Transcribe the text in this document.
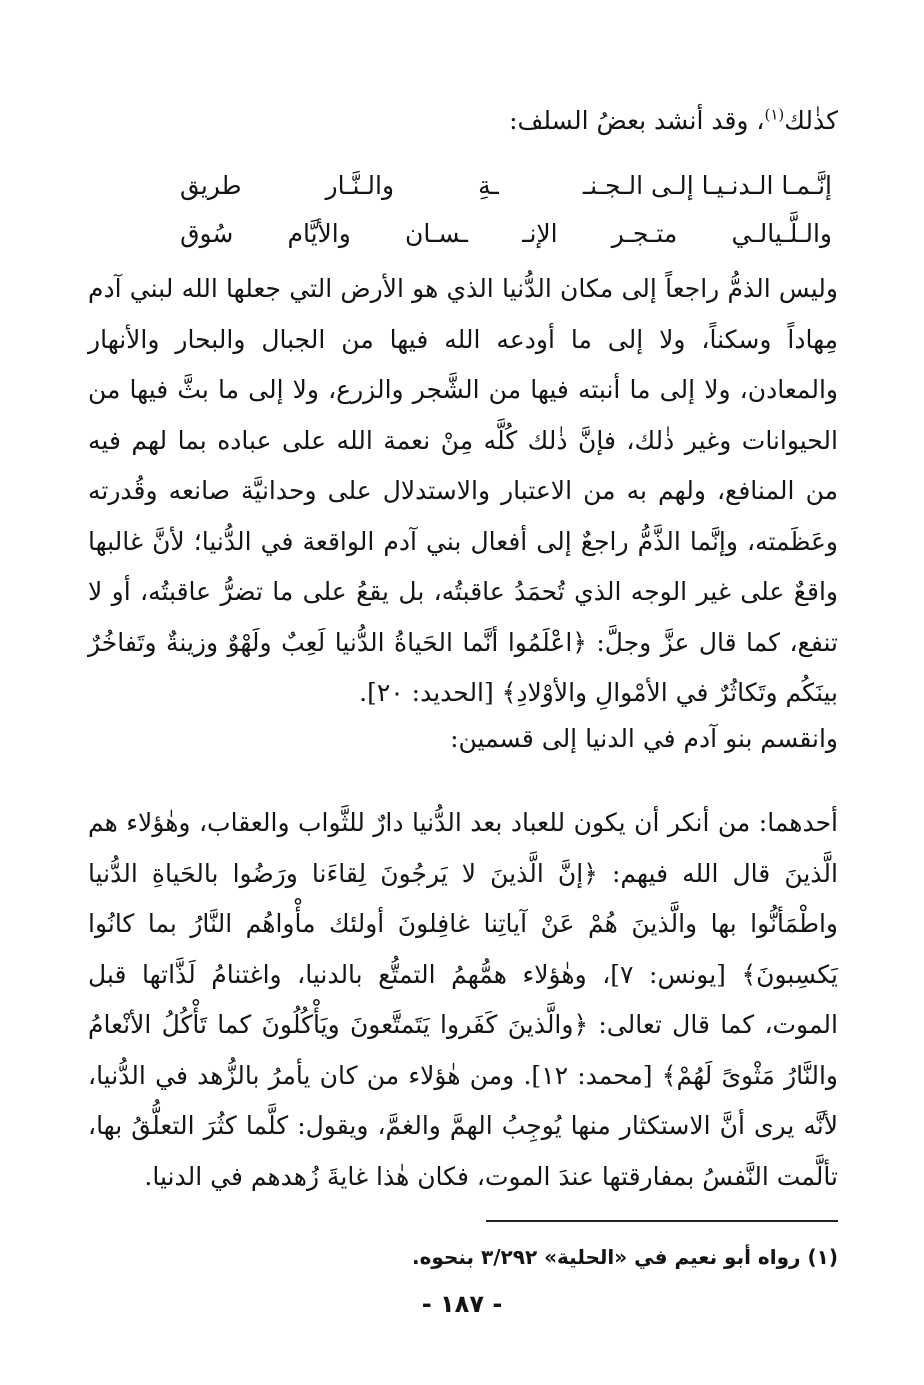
كذٰلك$^{(١)}$، وقد أنشد بعضُ السلف:
إنَّـمـا الـدنـيـا إلـى الـجـنـ
ـةِ
والـنَّـار
طريق
والـلَّـيالـي
متـجـر
الإنـ
ـسـان
والأيَّام
سُوق

وليس الذمُّ راجعاً إلى مكان الدُّنيا الذي هو الأرض التي جعلها الله لبني آدم مِهاداً وسكناً، ولا إلى ما أودعه الله فيها من الجبال والبحار والأنهار والمعادن، ولا إلى ما أنبته فيها من الشَّجر والزرع، ولا إلى ما بثَّ فيها من الحيوانات وغير ذٰلك، فإنَّ ذٰلك كُلَّه مِنْ نعمة الله على عباده بما لهم فيه من المنافع، ولهم به من الاعتبار والاستدلال على وحدانيَّة صانعه وقُدرته وعَظَمته، وإنَّما الذَّمُّ راجعٌ إلى أفعال بني آدم الواقعة في الدُّنيا؛ لأنَّ غالبها واقعٌ على غير الوجه الذي تُحمَدُ عاقبتُه، بل يقعُ على ما تضرُّ عاقبتُه، أو لا تنفع، كما قال عزَّ وجلَّ: ﴿اعْلَمُوا أنَّما الحَياةُ الدُّنيا لَعِبٌ ولَهْوٌ وزينةٌ وتَفاخُرٌ بينَكُم وتَكاثُرٌ في الأمْوالِ والأوْلادِ﴾ [الحديد: ٢٠].

وانقسم بنو آدم في الدنيا إلى قسمين:

أحدهما: من أنكر أن يكون للعباد بعد الدُّنيا دارٌ للثَّواب والعقاب، وهٰؤلاء هم الَّذينَ قال الله فيهم: ﴿إنَّ الَّذينَ لا يَرجُونَ لِقاءَنا ورَضُوا بالحَياةِ الدُّنيا واطْمَأنُّوا بها والَّذينَ هُمْ عَنْ آياتِنا غافِلونَ أولئك مأْواهُم النَّارُ بما كانُوا يَكسِبونَ﴾ [يونس: ٧]، وهٰؤلاء همُّهمُ التمتُّع بالدنيا، واغتنامُ لَذَّاتها قبل الموت، كما قال تعالى: ﴿والَّذينَ كَفَروا يَتَمتَّعونَ ويَأْكُلُونَ كما تَأْكُلُ الأنْعامُ والنَّارُ مَثْوىً لَهُمْ﴾ [محمد: ١٢]. ومن هٰؤلاء من كان يأمرُ بالزُّهد في الدُّنيا، لأنَّه يرى أنَّ الاستكثار منها يُوجِبُ الهمَّ والغمَّ، ويقول: كلَّما كثُرَ التعلُّقُ بها، تألَّمت النَّفسُ بمفارقتها عندَ الموت، فكان هٰذا غايةَ زُهدهم في الدنيا.

(١) رواه أبو نعيم في «الحلية» ٣/٢٩٢ بنحوه.
- ١٨٧ -
